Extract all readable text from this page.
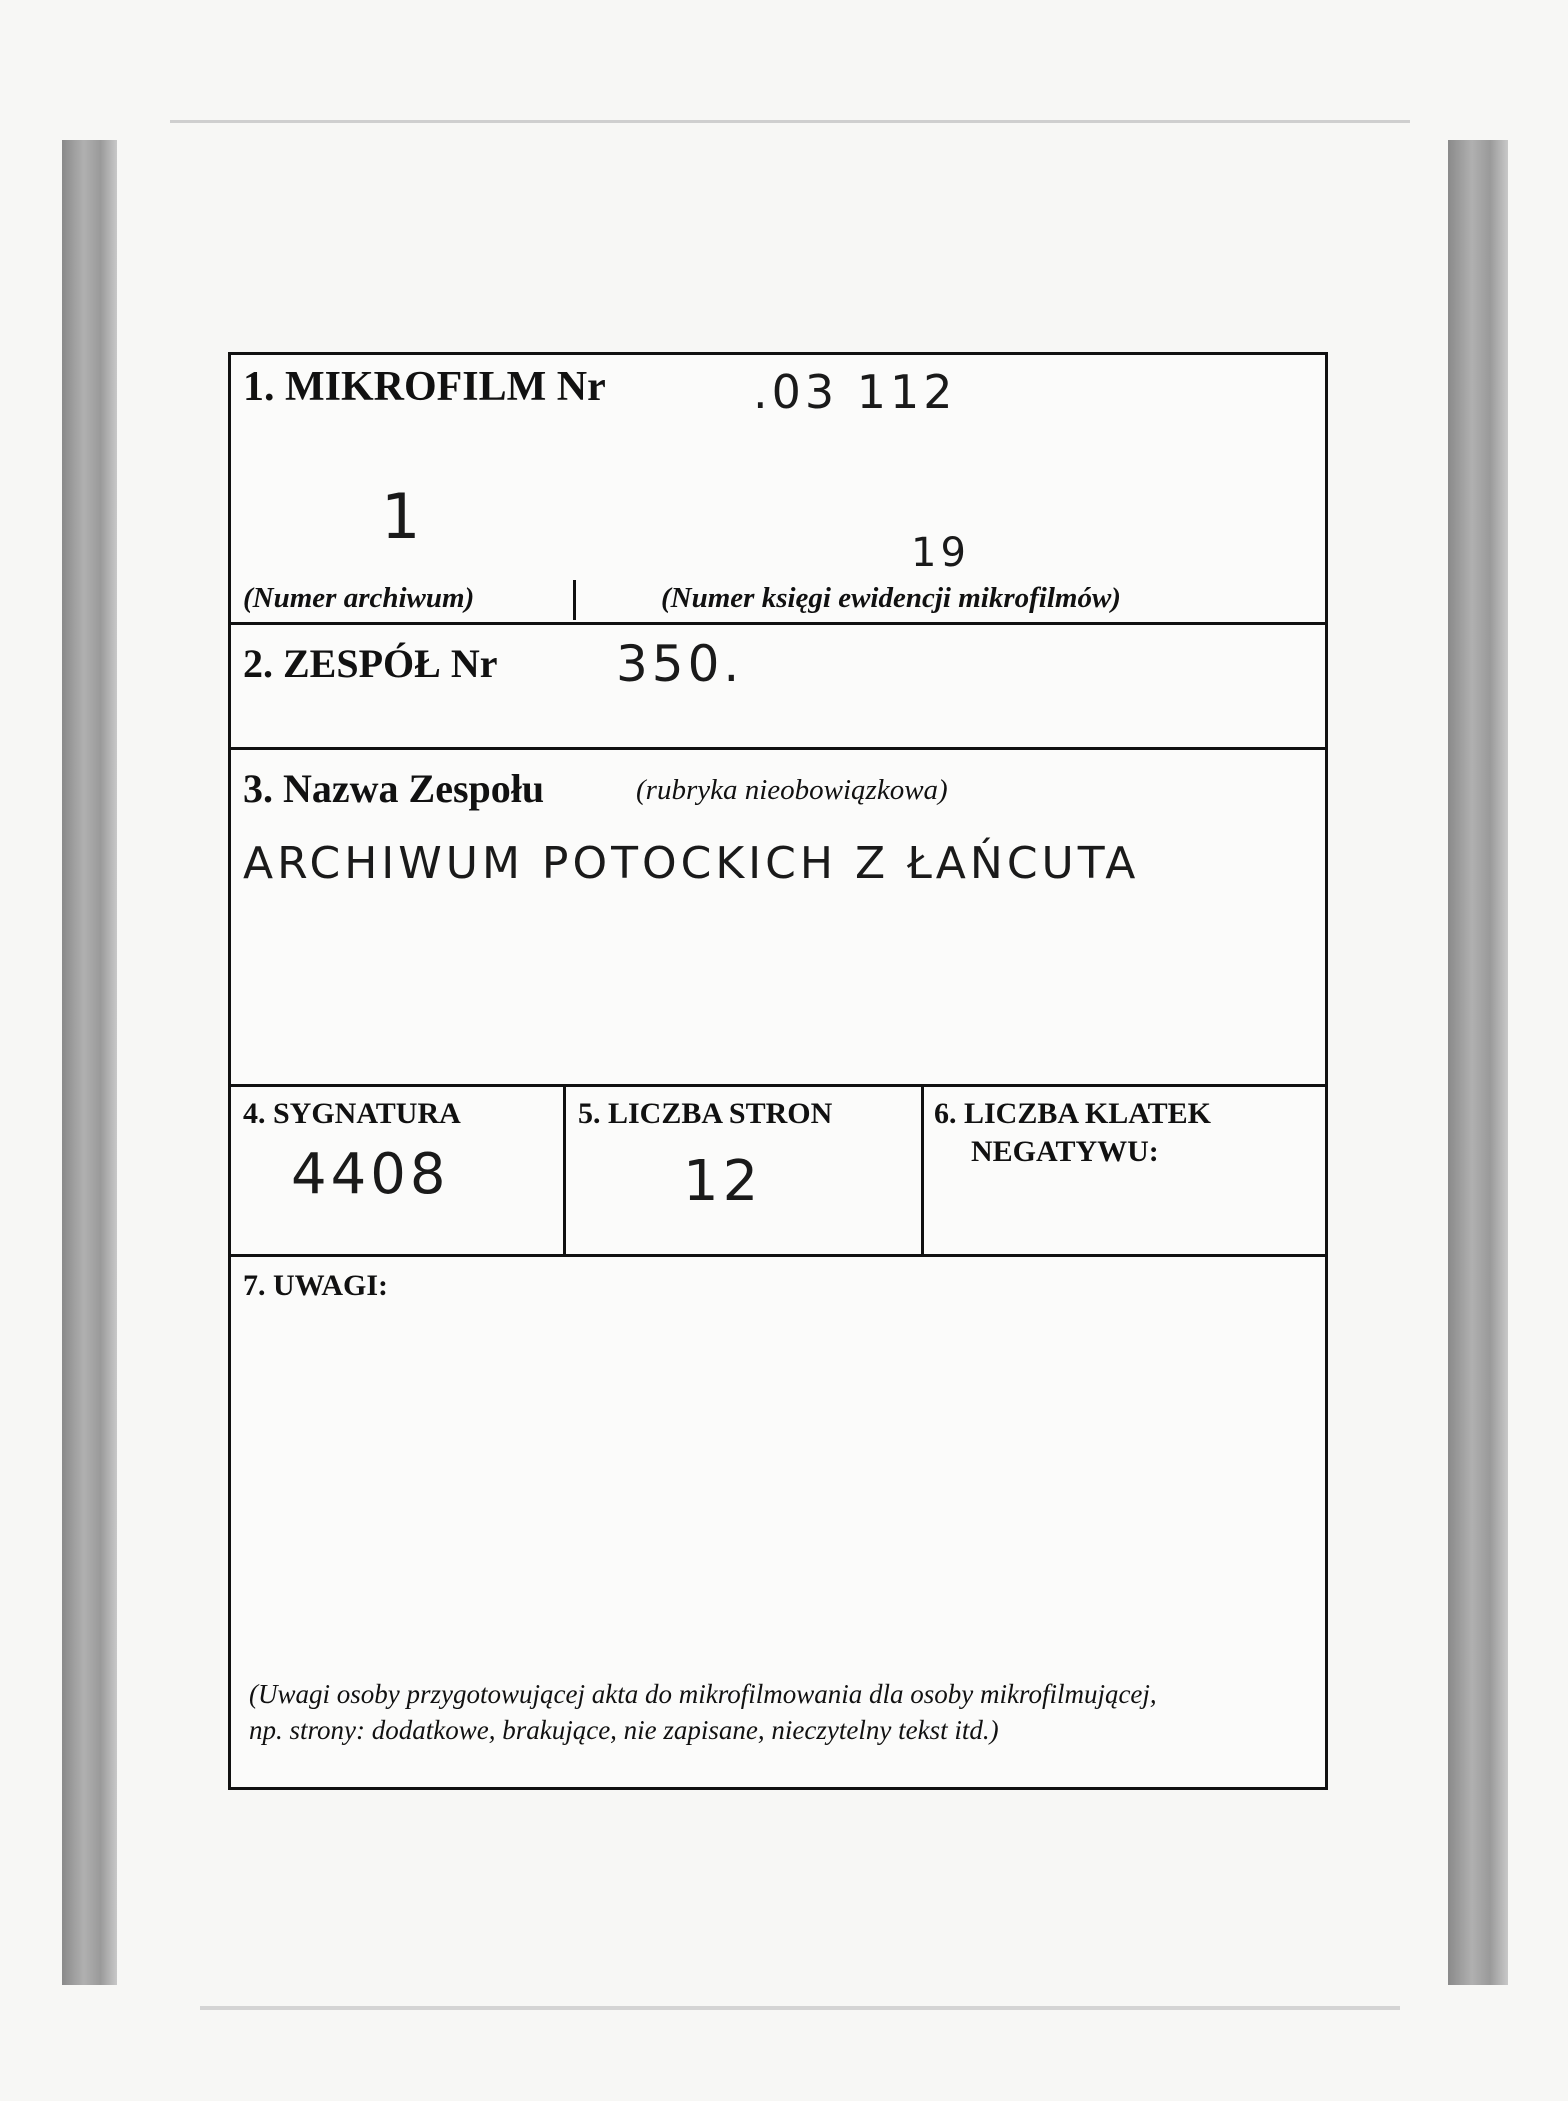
1. MIKROFILM Nr	.03 112
1	19
(Numer archiwum)	(Numer księgi ewidencji mikrofilmów)
2. ZESPÓŁ Nr 350.
3. Nazwa Zespołu	(rubryka nieobowiązkowa)
ARCHIWUM POTOCKICH Z ŁAŃCUTA
4. SYGNATURA
4408
5. LICZBA STRON
12
6. LICZBA KLATEK
NEGATYWU:
7. UWAGI:
(Uwagi osoby przygotowującej akta do mikrofilmowania dla osoby mikrofilmującej,
np. strony: dodatkowe, brakujące, nie zapisane, nieczytelny tekst itd.)
